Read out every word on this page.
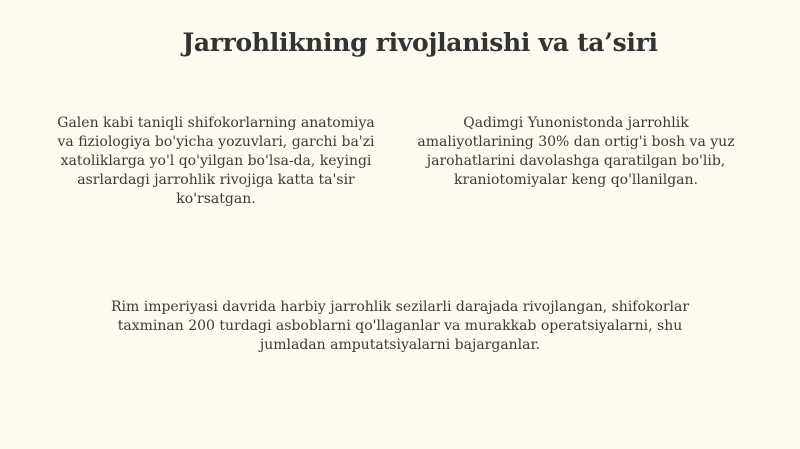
Jarrohlikning rivojlanishi va ta’siri

Galen kabi taniqli shifokorlarning anatomiya va fiziologiya bo'yicha yozuvlari, garchi ba'zi xatoliklarga yo'l qo'yilgan bo'lsa-da, keyingi asrlardagi jarrohlik rivojiga katta ta'sir ko'rsatgan.

Qadimgi Yunonistonda jarrohlik amaliyotlarining 30% dan ortig'i bosh va yuz jarohatlarini davolashga qaratilgan bo'lib, kraniotomiyalar keng qo'llanilgan.

Rim imperiyasi davrida harbiy jarrohlik sezilarli darajada rivojlangan, shifokorlar taxminan 200 turdagi asboblarni qo'llaganlar va murakkab operatsiyalarni, shu jumladan amputatsiyalarni bajarganlar.
